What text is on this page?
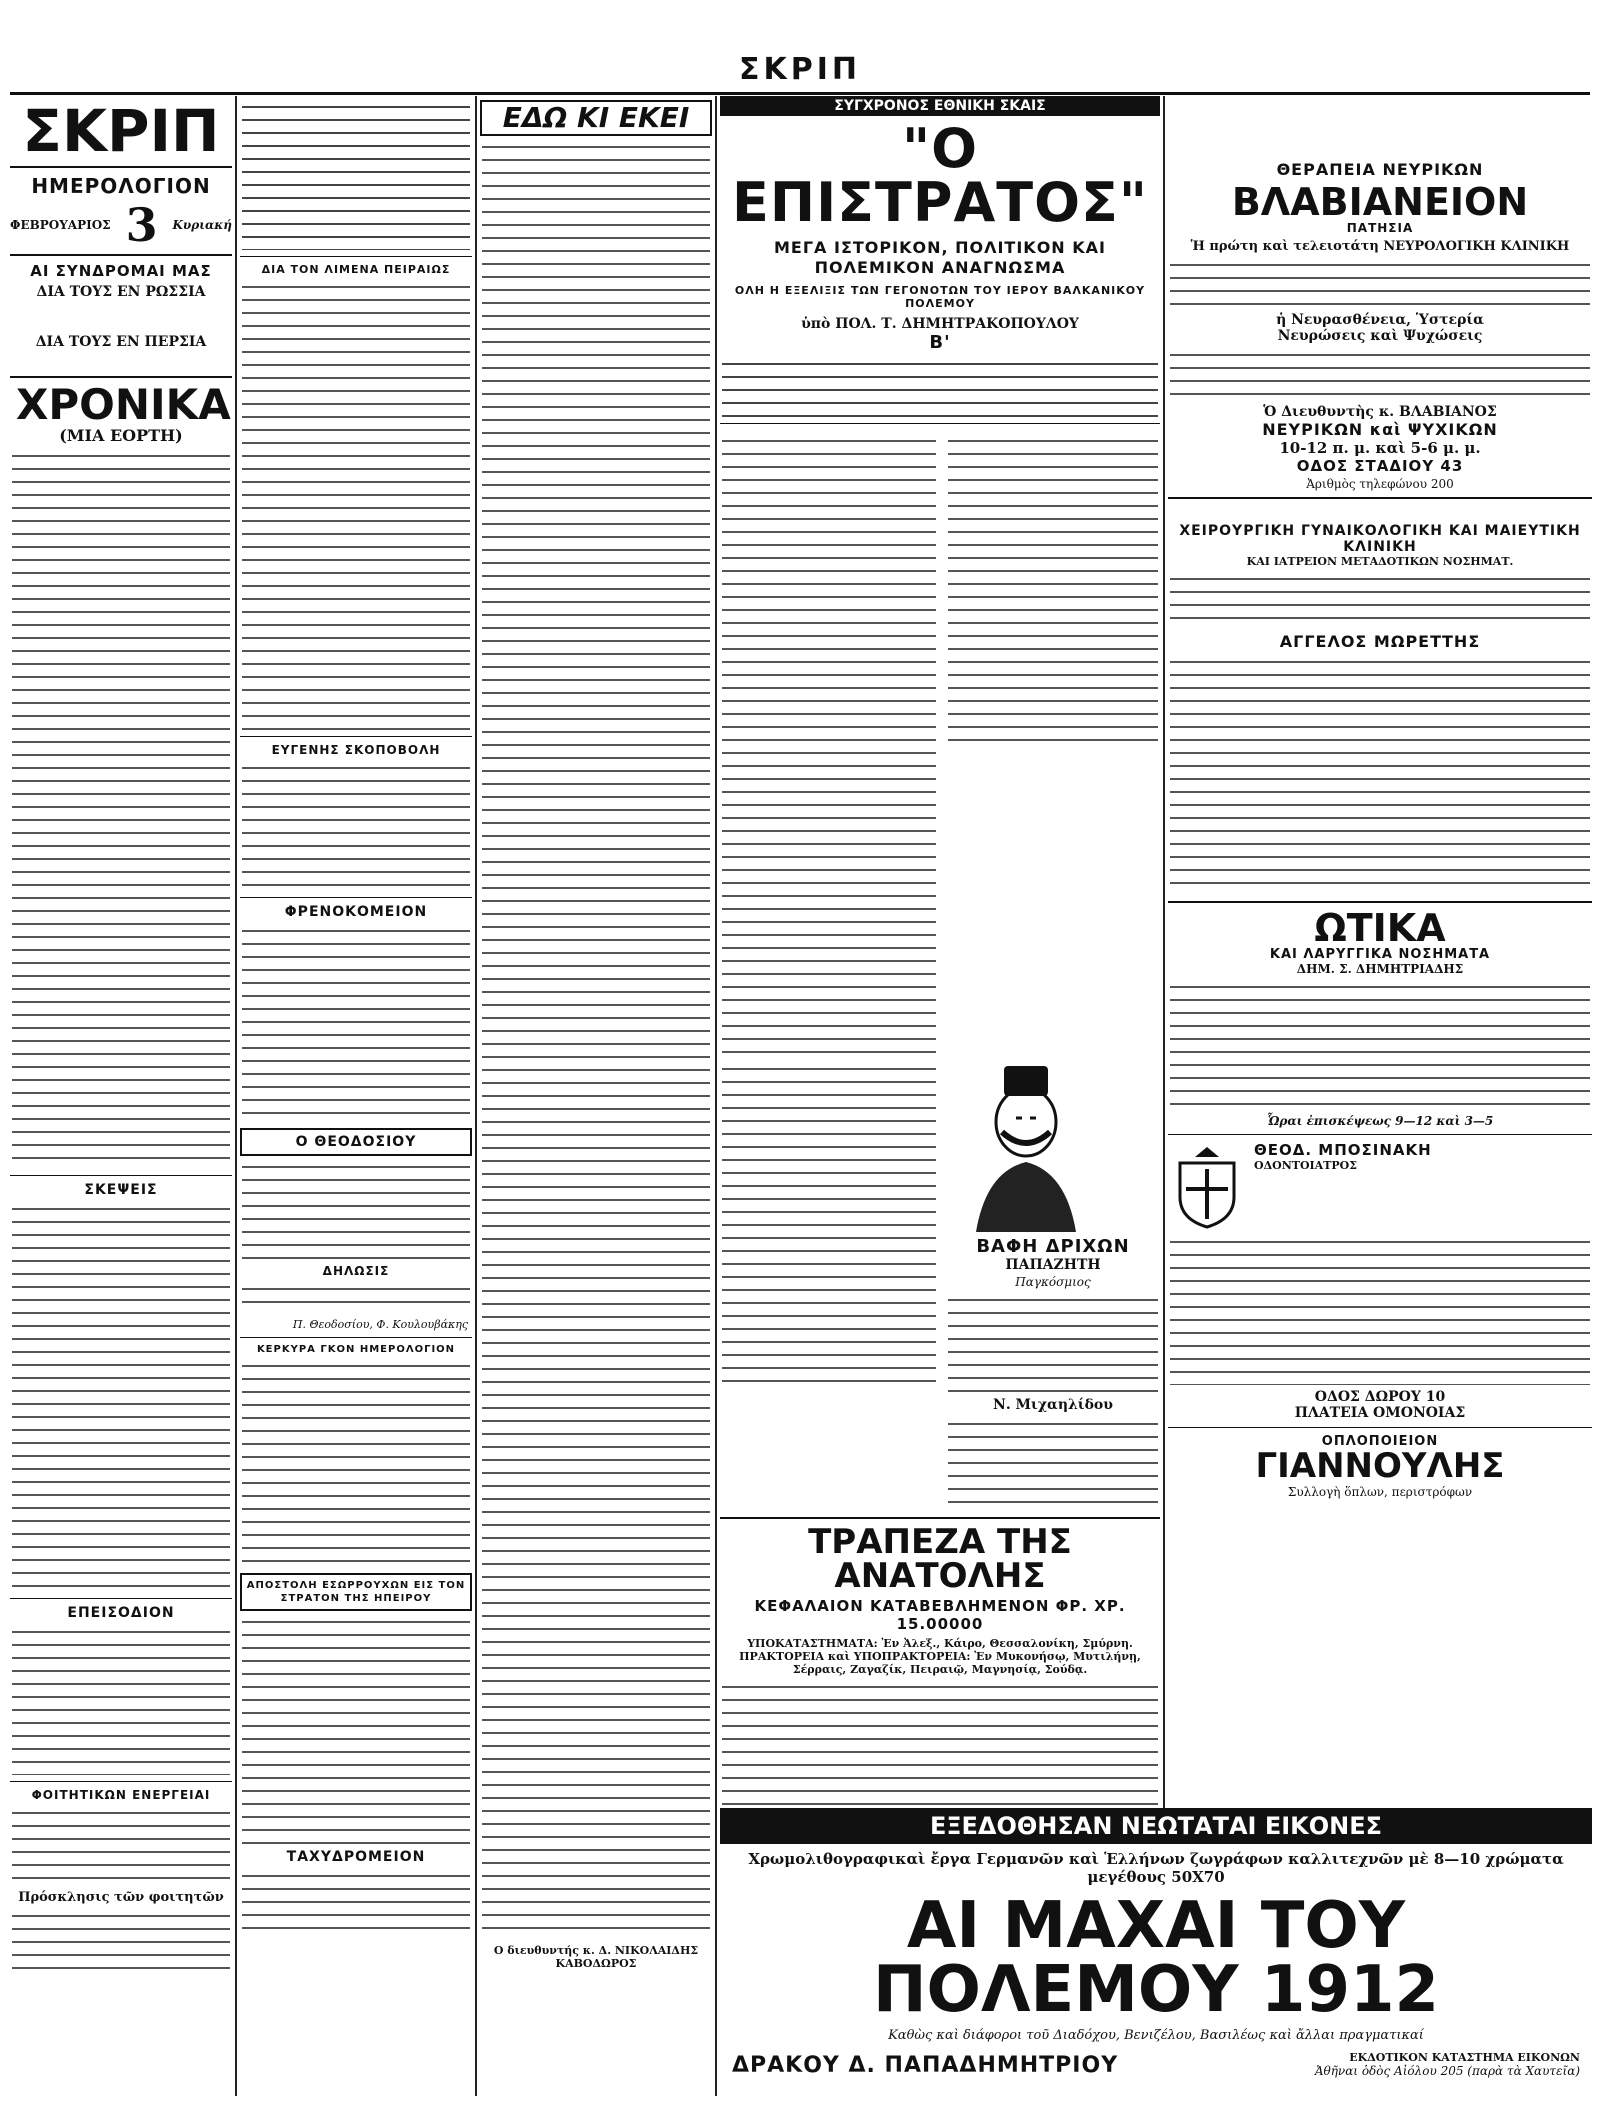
ΣΚΡΙΠ
ΣΚΡΙΠ
ΗΜΕΡΟΛΟΓΙΟΝ
ΦΕΒΡΟΥΑΡΙΟΣ 3 Κυριακή
ΑΙ ΣΥΝΔΡΟΜΑΙ ΜΑΣ
ΔΙΑ ΤΟΥΣ ΕΝ ΡΩΣΣΙΑ
ΔΙΑ ΤΟΥΣ ΕΝ ΠΕΡΣΙΑ
ΧΡΟΝΙΚΑ
(ΜΙΑ ΕΟΡΤΗ)
ΣΚΕΨΕΙΣ
ΕΠΕΙΣΟΔΙΟΝ
ΦΟΙΤΗΤΙΚΩΝ ΕΝΕΡΓΕΙΑΙ
Πρόσκλησις τῶν φοιτητῶν
ΔΙΑ ΤΟΝ ΛΙΜΕΝΑ ΠΕΙΡΑΙΩΣ
ΕΥΓΕΝΗΣ ΣΚΟΠΟΒΟΛΗ
ΦΡΕΝΟΚΟΜΕΙΟΝ
Ο ΘΕΟΔΟΣΙΟΥ
ΔΗΛΩΣΙΣ
Π. Θεοδοσίου, Φ. Κουλουβάκης
ΚΕΡΚΥΡΑ ΓΚΟΝ ΗΜΕΡΟΛΟΓΙΟΝ
ΑΠΟΣΤΟΛΗ ΕΣΩΡΡΟΥΧΩΝ ΕΙΣ ΤΟΝ ΣΤΡΑΤΟΝ ΤΗΣ ΗΠΕΙΡΟΥ
ΤΑΧΥΔΡΟΜΕΙΟΝ
ΕΔΩ ΚΙ ΕΚΕΙ
Ο διευθυντής κ. Δ. ΝΙΚΟΛΑΙΔΗΣ ΚΑΒΟΔΩΡΟΣ
ΣΥΓΧΡΟΝΟΣ ΕΘΝΙΚΗ ΣΚΑΙΣ
"Ο ΕΠΙΣΤΡΑΤΟΣ"
ΜΕΓΑ ΙΣΤΟΡΙΚΟΝ, ΠΟΛΙΤΙΚΟΝ ΚΑΙ ΠΟΛΕΜΙΚΟΝ ΑΝΑΓΝΩΣΜΑ
ΟΛΗ Η ΕΞΕΛΙΞΙΣ ΤΩΝ ΓΕΓΟΝΟΤΩΝ ΤΟΥ ΙΕΡΟΥ ΒΑΛΚΑΝΙΚΟΥ ΠΟΛΕΜΟΥ
ὑπὸ ΠΟΛ. Τ. ΔΗΜΗΤΡΑΚΟΠΟΥΛΟΥ
Β'
ΒΑΦΗ ΔΡΙΧΩΝ
ΠΑΠΑΖΗΤΗ
Παγκόσμιος
Ν. Μιχαηλίδου
ΤΡΑΠΕΖΑ ΤΗΣ ΑΝΑΤΟΛΗΣ
ΚΕΦΑΛΑΙΟΝ ΚΑΤΑΒΕΒΛΗΜΕΝΟΝ ΦΡ. ΧΡ. 15.00000
ΥΠΟΚΑΤΑΣΤΗΜΑΤΑ: Ἐν Ἀλεξ., Κάιρο, Θεσσαλονίκη, Σμύρνη.
ΠΡΑΚΤΟΡΕΙΑ καὶ ΥΠΟΠΡΑΚΤΟΡΕΙΑ: Ἐν Μυκονήσῳ, Μυτιλήνῃ, Σέρραις, Ζαγαζίκ, Πειραιῷ, Μαγνησίᾳ, Σούδᾳ.
ΘΕΡΑΠΕΙΑ ΝΕΥΡΙΚΩΝ
ΒΛΑΒΙΑΝΕΙΟΝ
ΠΑΤΗΣΙΑ
Ἡ πρώτη καὶ τελειοτάτη ΝΕΥΡΟΛΟΓΙΚΗ ΚΛΙΝΙΚΗ
ἡ Νευρασθένεια, Ὑστερία
Νευρώσεις καὶ Ψυχώσεις
Ὁ Διευθυντὴς κ. ΒΛΑΒΙΑΝΟΣ
ΝΕΥΡΙΚΩΝ καὶ ΨΥΧΙΚΩΝ
10-12 π. μ. καὶ 5-6 μ. μ.
ΟΔΟΣ ΣΤΑΔΙΟΥ 43
Ἀριθμὸς τηλεφώνου 200
ΧΕΙΡΟΥΡΓΙΚΗ ΓΥΝΑΙΚΟΛΟΓΙΚΗ ΚΑΙ ΜΑΙΕΥΤΙΚΗ ΚΛΙΝΙΚΗ
ΚΑΙ ΙΑΤΡΕΙΟΝ ΜΕΤΑΔΟΤΙΚΩΝ ΝΟΣΗΜΑΤ.
ΑΓΓΕΛΟΣ ΜΩΡΕΤΤΗΣ
ΩΤΙΚΑ
ΚΑΙ ΛΑΡΥΓΓΙΚΑ ΝΟΣΗΜΑΤΑ
ΔΗΜ. Σ. ΔΗΜΗΤΡΙΑΔΗΣ
Ὧραι ἐπισκέψεως 9—12 καὶ 3—5
ΘΕΟΔ. ΜΠΟΣΙΝΑΚΗ
ΟΔΟΝΤΟΙΑΤΡΟΣ
ΟΔΟΣ ΔΩΡΟΥ 10
ΠΛΑΤΕΙΑ ΟΜΟΝΟΙΑΣ
ΟΠΛΟΠΟΙΕΙΟΝ
ΓΙΑΝΝΟΥΛΗΣ
Συλλογὴ ὅπλων, περιστρόφων
ΕΞΕΔΟΘΗΣΑΝ ΝΕΩΤΑΤΑΙ ΕΙΚΟΝΕΣ
Χρωμολιθογραφικαὶ ἔργα Γερμανῶν καὶ Ἑλλήνων ζωγράφων καλλιτεχνῶν μὲ 8—10 χρώματα μεγέθους 50Χ70
ΑΙ ΜΑΧΑΙ ΤΟΥ ΠΟΛΕΜΟΥ 1912
Καθὼς καὶ διάφοροι τοῦ Διαδόχου, Βενιζέλου, Βασιλέως καὶ ἄλλαι πραγματικαί
ΔΡΑΚΟΥ Δ. ΠΑΠΑΔΗΜΗΤΡΙΟΥ	ΕΚΔΟΤΙΚΟΝ ΚΑΤΑΣΤΗΜΑ ΕΙΚΟΝΩΝ
Ἀθῆναι ὁδὸς Αἰόλου 205 (παρὰ τὰ Χαυτεῖα)
